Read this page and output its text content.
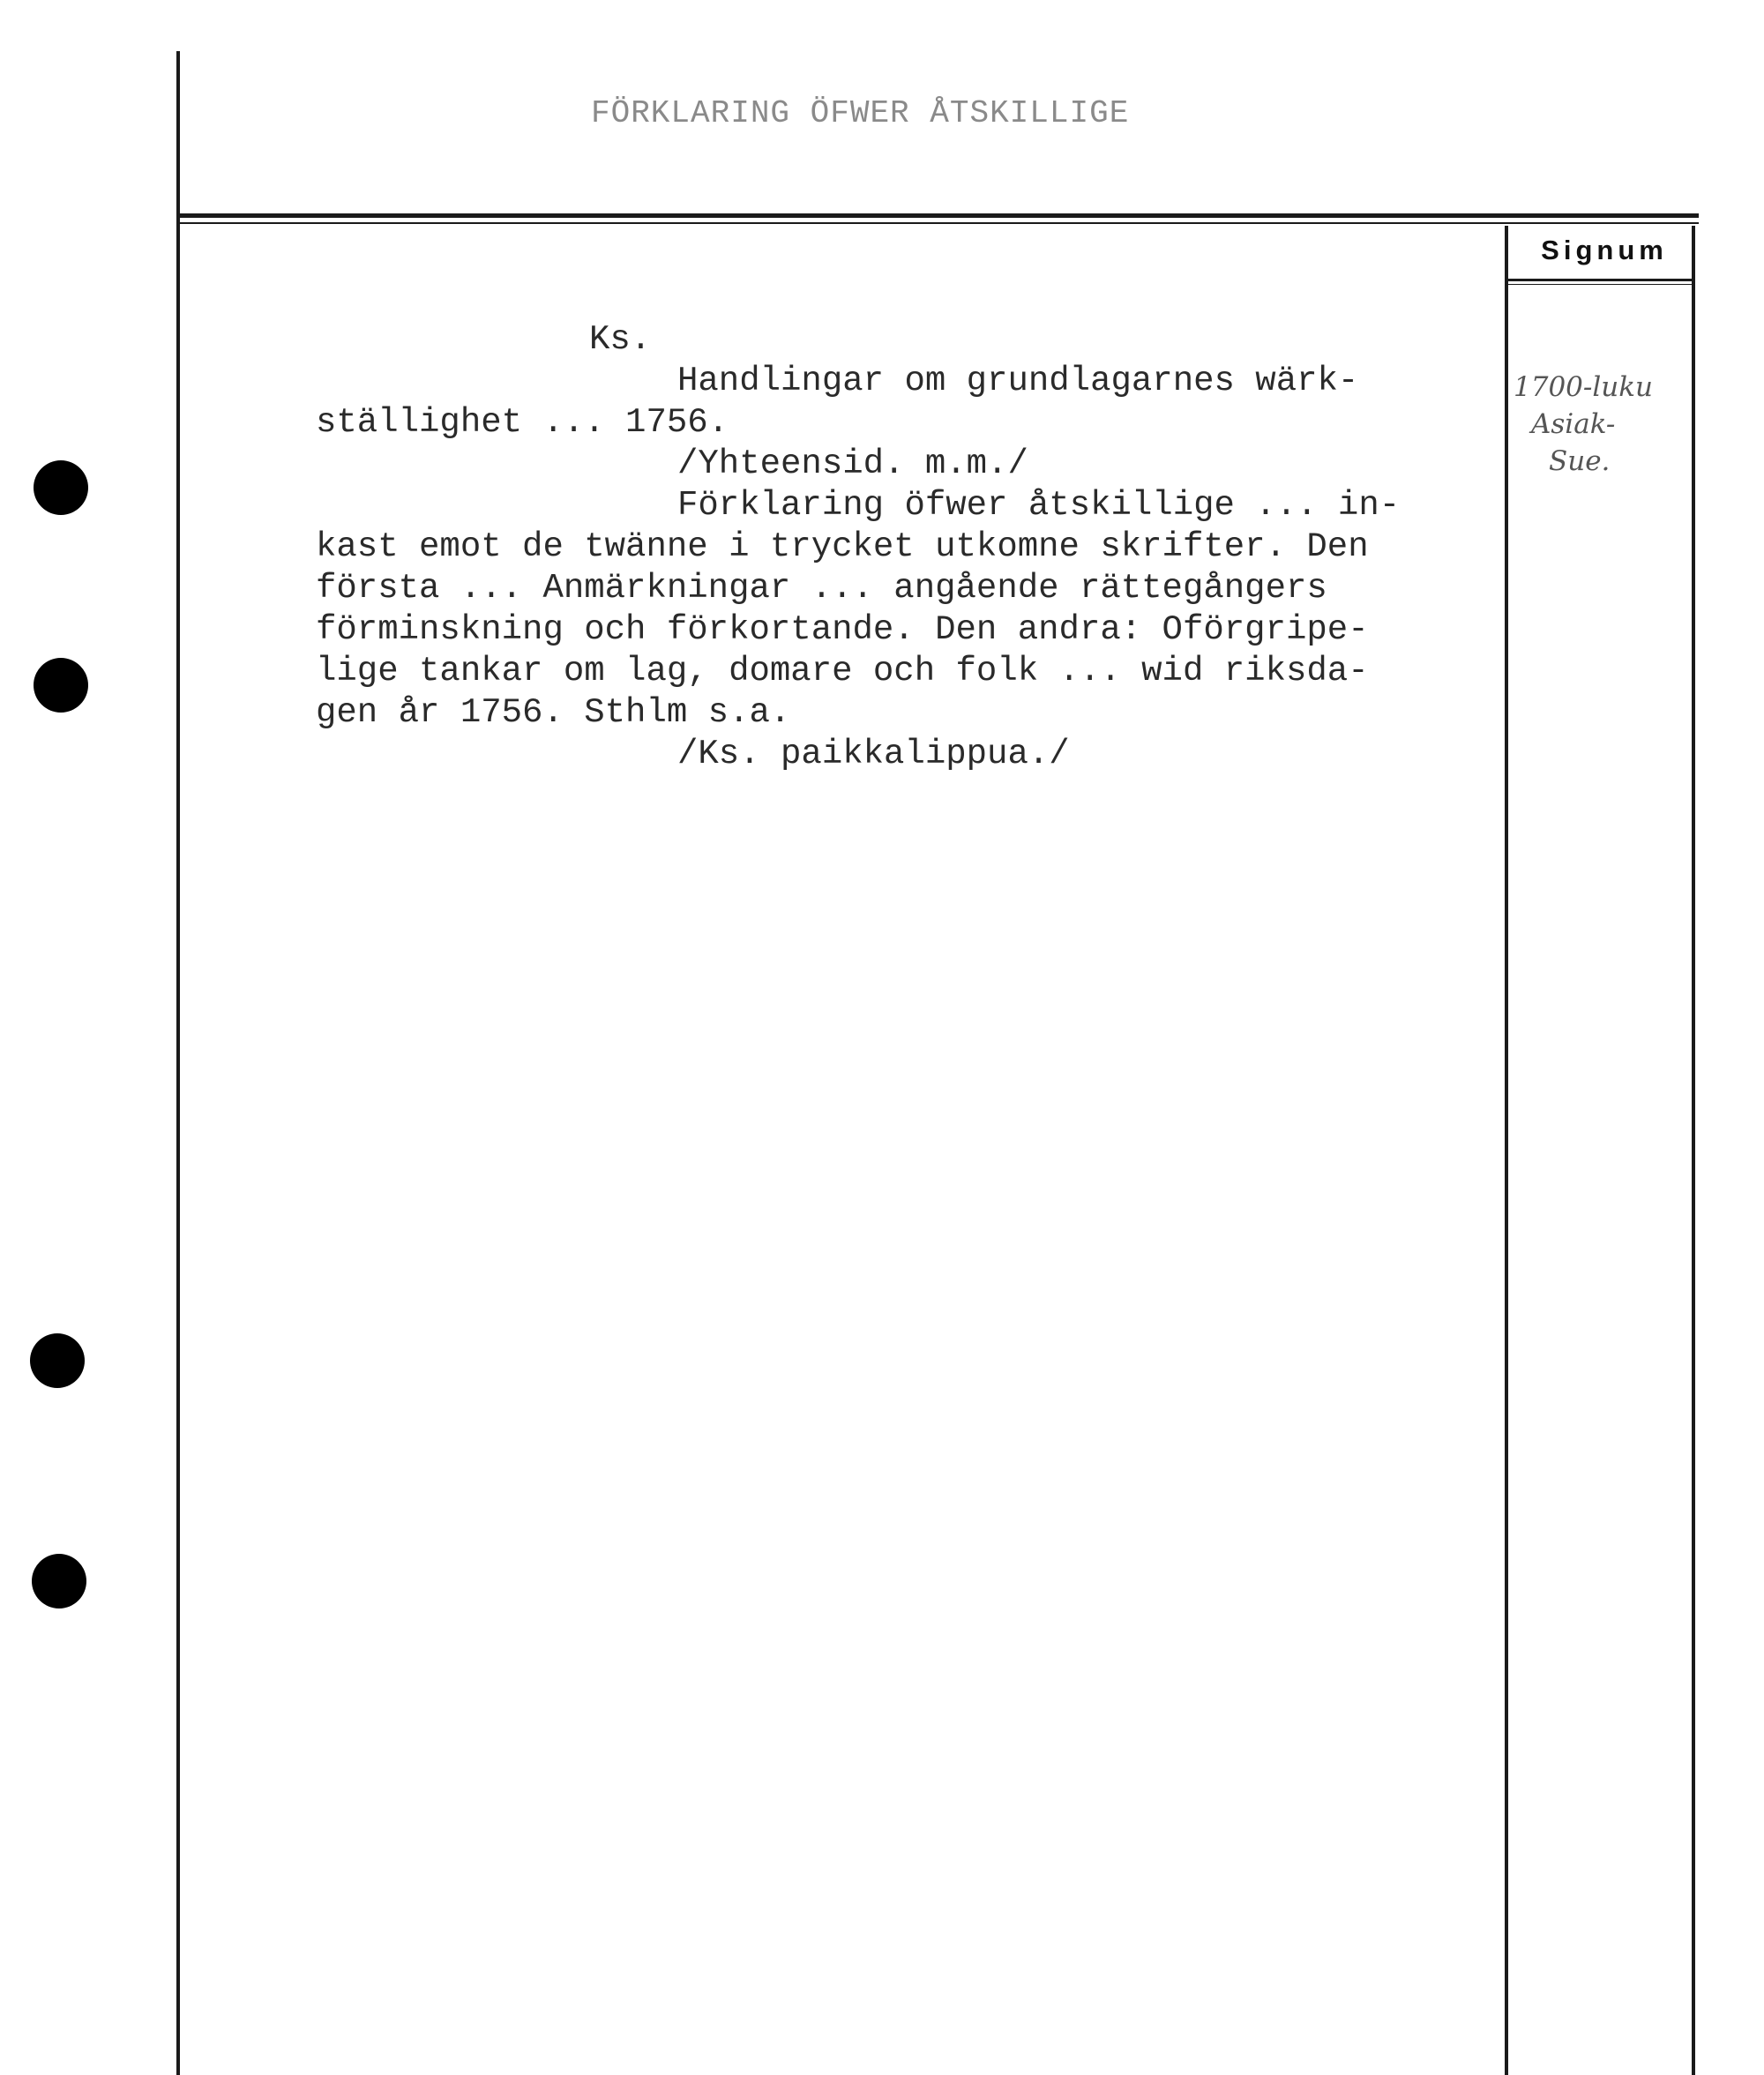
FÖRKLARING ÖFWER ÅTSKILLIGE
Signum
1700-luku
Asiak-
Sue.
Ks.
Handlingar om grundlagarnes wärk-
ställighet ... 1756.
/Yhteensid. m.m./
Förklaring öfwer åtskillige ... in-
kast emot de twänne i trycket utkomne skrifter. Den
första ... Anmärkningar ... angående rättegångers
förminskning och förkortande. Den andra: Oförgripe-
lige tankar om lag, domare och folk ... wid riksda-
gen år 1756. Sthlm s.a.
/Ks. paikkalippua./
